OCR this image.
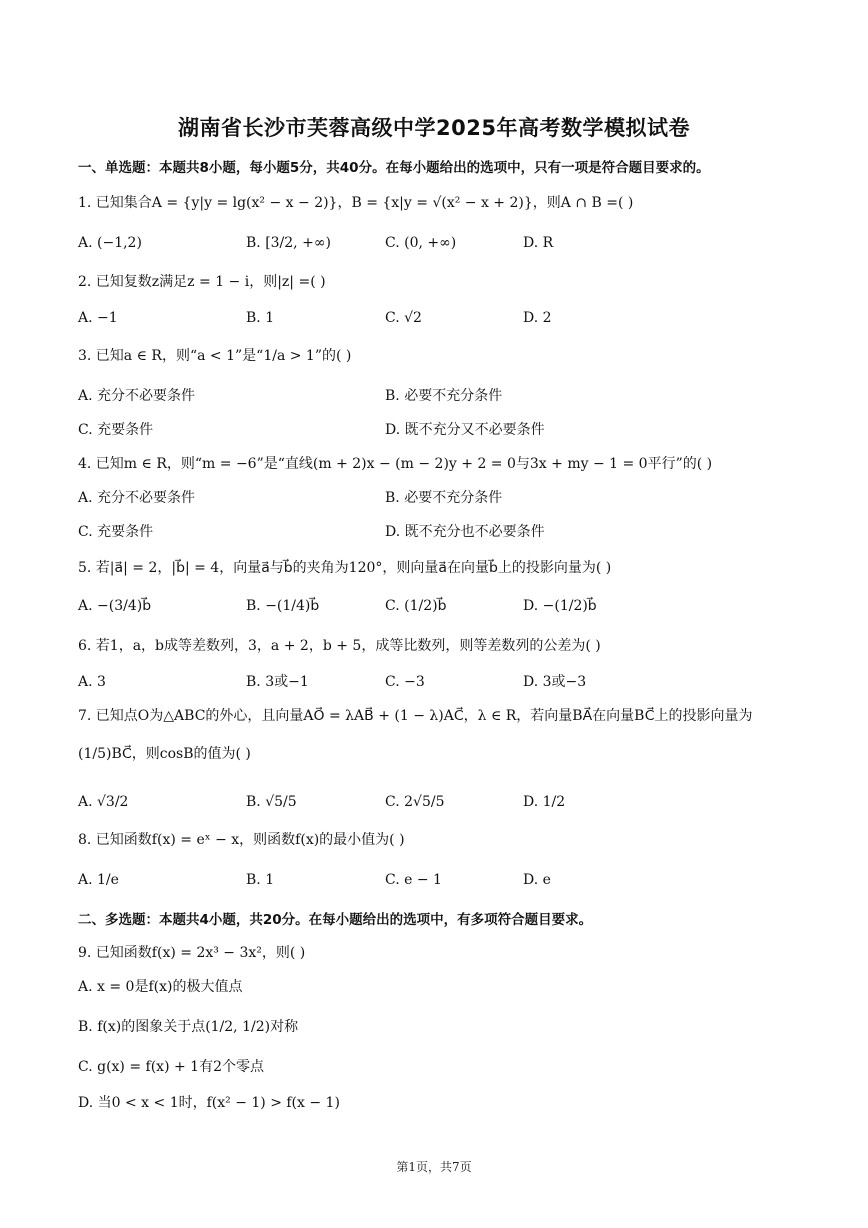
湖南省长沙市芙蓉高级中学2025年高考数学模拟试卷
一、单选题：本题共8小题，每小题5分，共40分。在每小题给出的选项中，只有一项是符合题目要求的。
1. 已知集合A = {y|y = lg(x² − x − 2)}，B = {x|y = √(x² − x + 2)}，则A ∩ B =( )
A. (−1,2)	B. [3/2, +∞)	C. (0, +∞)	D. R
2. 已知复数z满足z = 1 − i，则|z| =( )
A. −1	B. 1	C. √2	D. 2
3. 已知a ∈ R，则“a < 1”是“1/a > 1”的( )
A. 充分不必要条件	B. 必要不充分条件
C. 充要条件	D. 既不充分又不必要条件
4. 已知m ∈ R，则“m = −6”是“直线(m + 2)x − (m − 2)y + 2 = 0与3x + my − 1 = 0平行”的( )
A. 充分不必要条件	B. 必要不充分条件
C. 充要条件	D. 既不充分也不必要条件
5. 若|a⃗| = 2，|b⃗| = 4，向量a⃗与b⃗的夹角为120°，则向量a⃗在向量b⃗上的投影向量为( )
A. −(3/4)b⃗	B. −(1/4)b⃗	C. (1/2)b⃗	D. −(1/2)b⃗
6. 若1，a，b成等差数列，3，a + 2，b + 5，成等比数列，则等差数列的公差为( )
A. 3	B. 3或−1	C. −3	D. 3或−3
7. 已知点O为△ABC的外心，且向量AO⃗ = λAB⃗ + (1 − λ)AC⃗，λ ∈ R，若向量BA⃗在向量BC⃗上的投影向量为
(1/5)BC⃗，则cosB的值为( )
A. √3/2	B. √5/5	C. 2√5/5	D. 1/2
8. 已知函数f(x) = eˣ − x，则函数f(x)的最小值为( )
A. 1/e	B. 1	C. e − 1	D. e
二、多选题：本题共4小题，共20分。在每小题给出的选项中，有多项符合题目要求。
9. 已知函数f(x) = 2x³ − 3x²，则( )
A. x = 0是f(x)的极大值点
B. f(x)的图象关于点(1/2, 1/2)对称
C. g(x) = f(x) + 1有2个零点
D. 当0 < x < 1时，f(x² − 1) > f(x − 1)
第1页，共7页
